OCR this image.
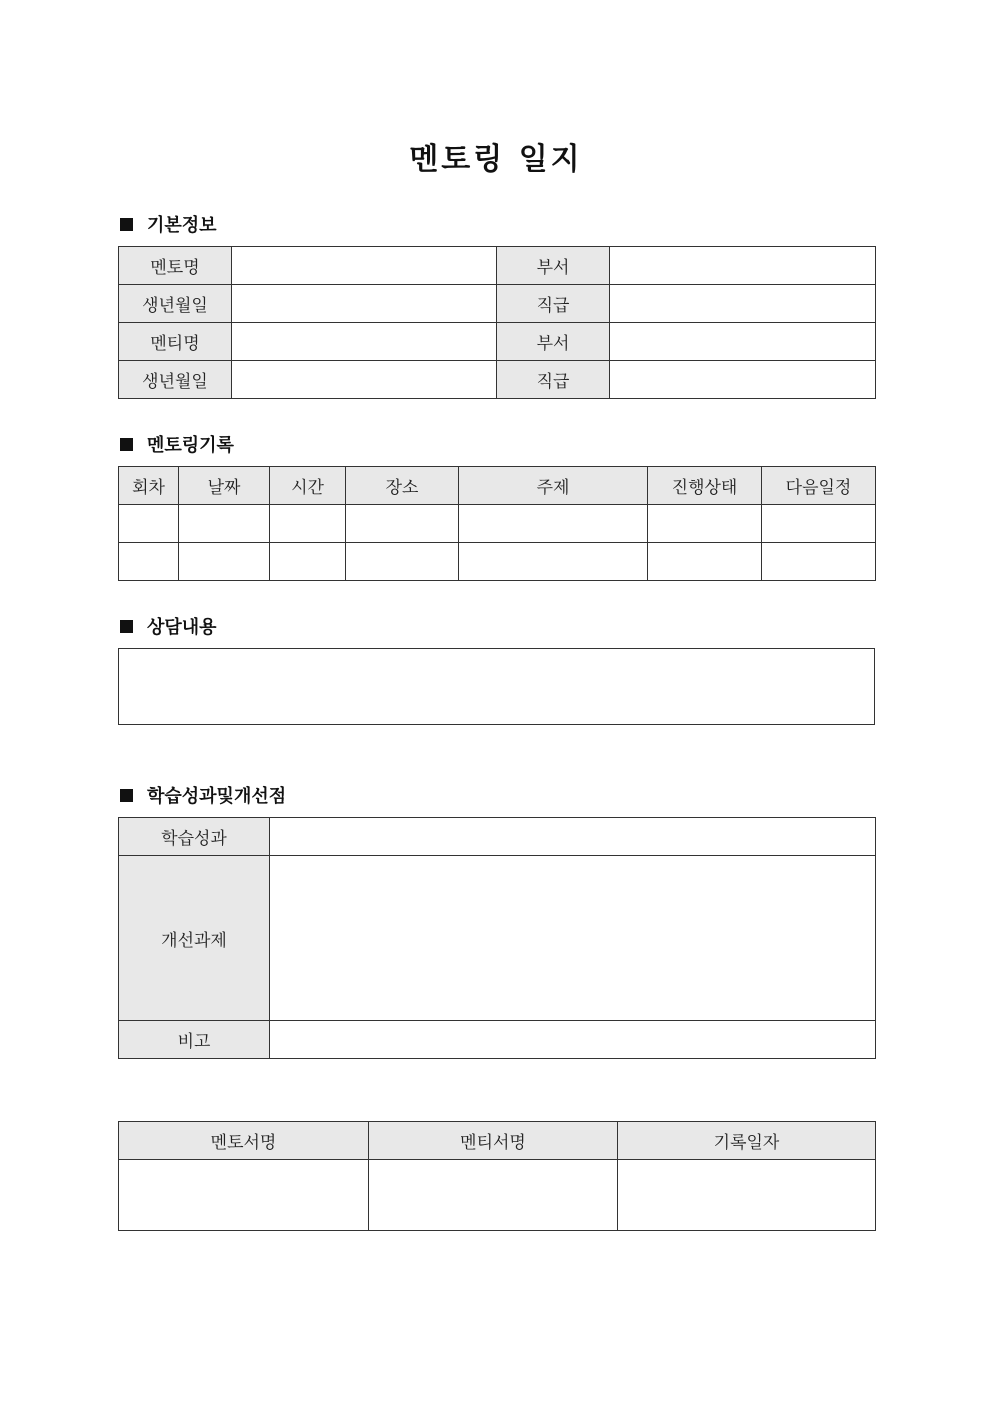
멘토링 일지
기본정보
멘토명		부서	
생년월일		직급	
멘티명		부서	
생년월일		직급	
멘토링기록
회차	날짜	시간	장소	주제	진행상태	다음일정

상담내용
학습성과및개선점
학습성과	
개선과제	
비고	
멘토서명	멘티서명	기록일자
